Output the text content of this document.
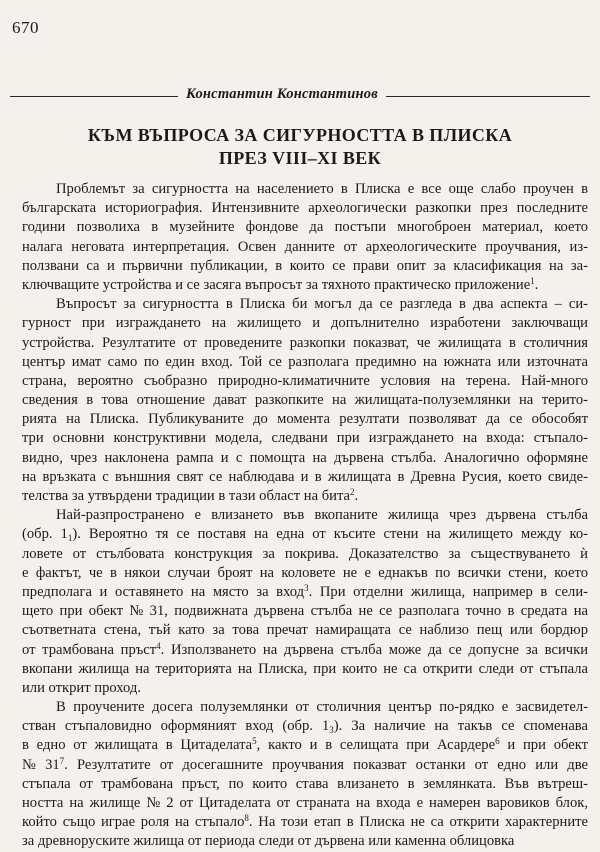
670
Константин Константинов
КЪМ ВЪПРОСА ЗА СИГУРНОСТТА В ПЛИСКА
ПРЕЗ VIII–XI ВЕК
Проблемът за сигурността на населението в Плиска е все още слабо проучен в
българската историография. Интензивните археологически разкопки през последните
години позволиха в музейните фондове да постъпи многоброен материал, което
налага неговата интерпретация. Освен данните от археологическите проучвания, из-
ползвани са и първични публикации, в които се прави опит за класификация на за-
ключващите устройства и се засяга въпросът за тяхното практическо приложение$^1$.
Въпросът за сигурността в Плиска би могъл да се разгледа в два аспекта – си-
гурност при изграждането на жилището и допълнително изработени заключващи
устройства. Резултатите от проведените разкопки показват, че жилищата в столичния
център имат само по един вход. Той се разполага предимно на южната или източната
страна, вероятно съобразно природно-климатичните условия на терена. Най-много
сведения в това отношение дават разкопките на жилищата-полуземлянки на терито-
рията на Плиска. Публикуваните до момента резултати позволяват да се обособят
три основни конструктивни модела, следвани при изграждането на входа: стъпало-
видно, чрез наклонена рампа и с помощта на дървена стълба. Аналогично оформяне
на връзката с външния свят се наблюдава и в жилищата в Древна Русия, което свиде-
телства за утвърдени традиции в тази област на бита$^2$.
Най-разпространено е влизането във вкопаните жилища чрез дървена стълба
(обр. $1_1$). Вероятно тя се поставя на една от късите стени на жилището между ко-
ловете от стълбовата конструкция за покрива. Доказателство за съществуването ѝ
е фактът, че в някои случаи броят на коловете не е еднакъв по всички стени, което
предполага и оставянето на място за вход$^3$. При отделни жилища, например в сели-
щето при обект № 31, подвижната дървена стълба не се разполага точно в средата на
съответната стена, тъй като за това пречат намиращата се наблизо пещ или бордюр
от трамбована пръст$^4$. Използването на дървена стълба може да се допусне за всички
вкопани жилища на територията на Плиска, при които не са открити следи от стъпала
или открит проход.
В проучените досега полуземлянки от столичния център по-рядко е засвидетел-
стван стъпаловидно оформяният вход (обр. $1_3$). За наличие на такъв се споменава
в едно от жилищата в Цитаделата$^5$, както и в селищата при Асардере$^6$ и при обект
№ $31^7$. Резултатите от досегашните проучвания показват останки от едно или две
стъпала от трамбована пръст, по които става влизането в землянката. Във вътреш-
ността на жилище № 2 от Цитаделата от страната на входа е намерен варовиков блок,
който също играе роля на стъпало$^8$. На този етап в Плиска не са открити характерните
за древноруските жилища от периода следи от дървена или каменна облицовка
